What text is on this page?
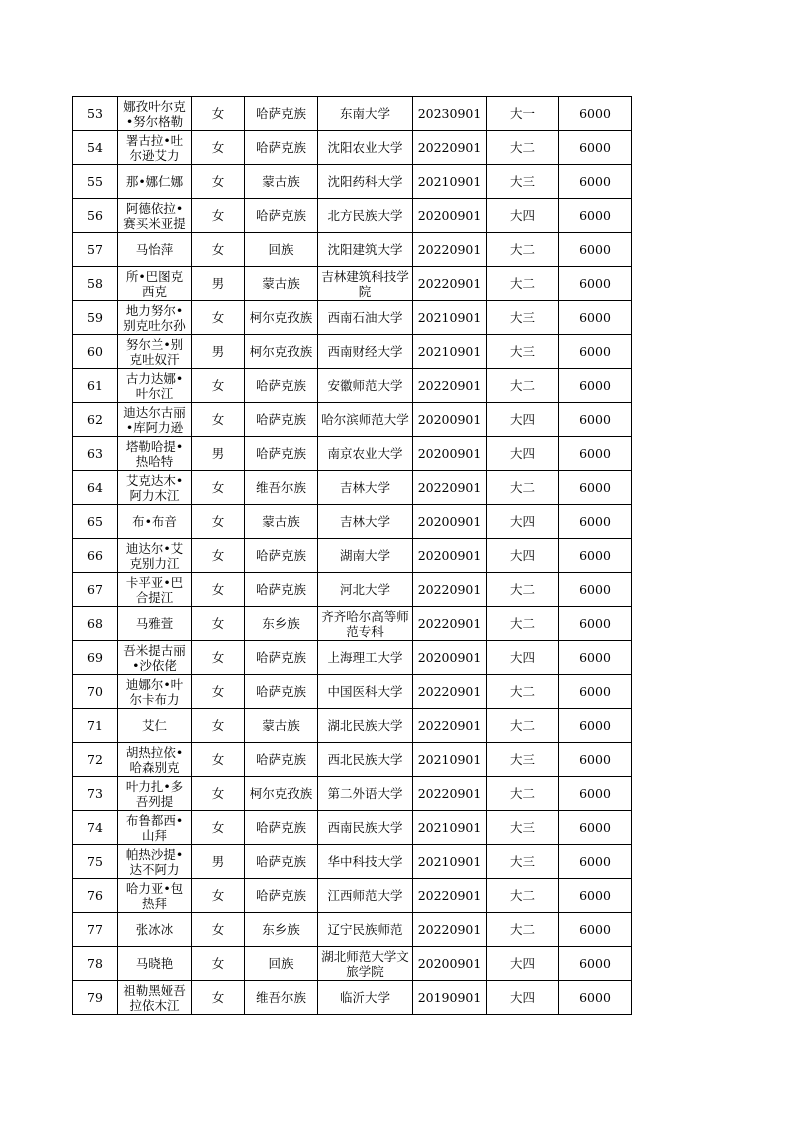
53	娜孜叶尔克•努尔格勒	女	哈萨克族	东南大学	20230901	大一	6000
54	署古拉•吐尔逊艾力	女	哈萨克族	沈阳农业大学	20220901	大二	6000
55	那•娜仁娜	女	蒙古族	沈阳药科大学	20210901	大三	6000
56	阿德依拉•赛买米亚提	女	哈萨克族	北方民族大学	20200901	大四	6000
57	马怡萍	女	回族	沈阳建筑大学	20220901	大二	6000
58	所•巴图克西克	男	蒙古族	吉林建筑科技学院	20220901	大二	6000
59	地力努尔•别克吐尔孙	女	柯尔克孜族	西南石油大学	20210901	大三	6000
60	努尔兰•别克吐奴汗	男	柯尔克孜族	西南财经大学	20210901	大三	6000
61	古力达娜•叶尔江	女	哈萨克族	安徽师范大学	20220901	大二	6000
62	迪达尔古丽•库阿力逊	女	哈萨克族	哈尔滨师范大学	20200901	大四	6000
63	塔勒哈提•热哈特	男	哈萨克族	南京农业大学	20200901	大四	6000
64	艾克达木•阿力木江	女	维吾尔族	吉林大学	20220901	大二	6000
65	布•布音	女	蒙古族	吉林大学	20200901	大四	6000
66	迪达尔•艾克别力江	女	哈萨克族	湖南大学	20200901	大四	6000
67	卡平亚•巴合提江	女	哈萨克族	河北大学	20220901	大二	6000
68	马雅萱	女	东乡族	齐齐哈尔高等师范专科	20220901	大二	6000
69	吾米提古丽•沙依佬	女	哈萨克族	上海理工大学	20200901	大四	6000
70	迪娜尔•叶尔卡布力	女	哈萨克族	中国医科大学	20220901	大二	6000
71	艾仁	女	蒙古族	湖北民族大学	20220901	大二	6000
72	胡热拉依•哈森别克	女	哈萨克族	西北民族大学	20210901	大三	6000
73	叶力扎•多吾列提	女	柯尔克孜族	第二外语大学	20220901	大二	6000
74	布鲁都西•山拜	女	哈萨克族	西南民族大学	20210901	大三	6000
75	帕热沙提•达不阿力	男	哈萨克族	华中科技大学	20210901	大三	6000
76	哈力亚•包热拜	女	哈萨克族	江西师范大学	20220901	大二	6000
77	张冰冰	女	东乡族	辽宁民族师范	20220901	大二	6000
78	马晓艳	女	回族	湖北师范大学文旅学院	20200901	大四	6000
79	祖勒黑娅吾拉依木江	女	维吾尔族	临沂大学	20190901	大四	6000
